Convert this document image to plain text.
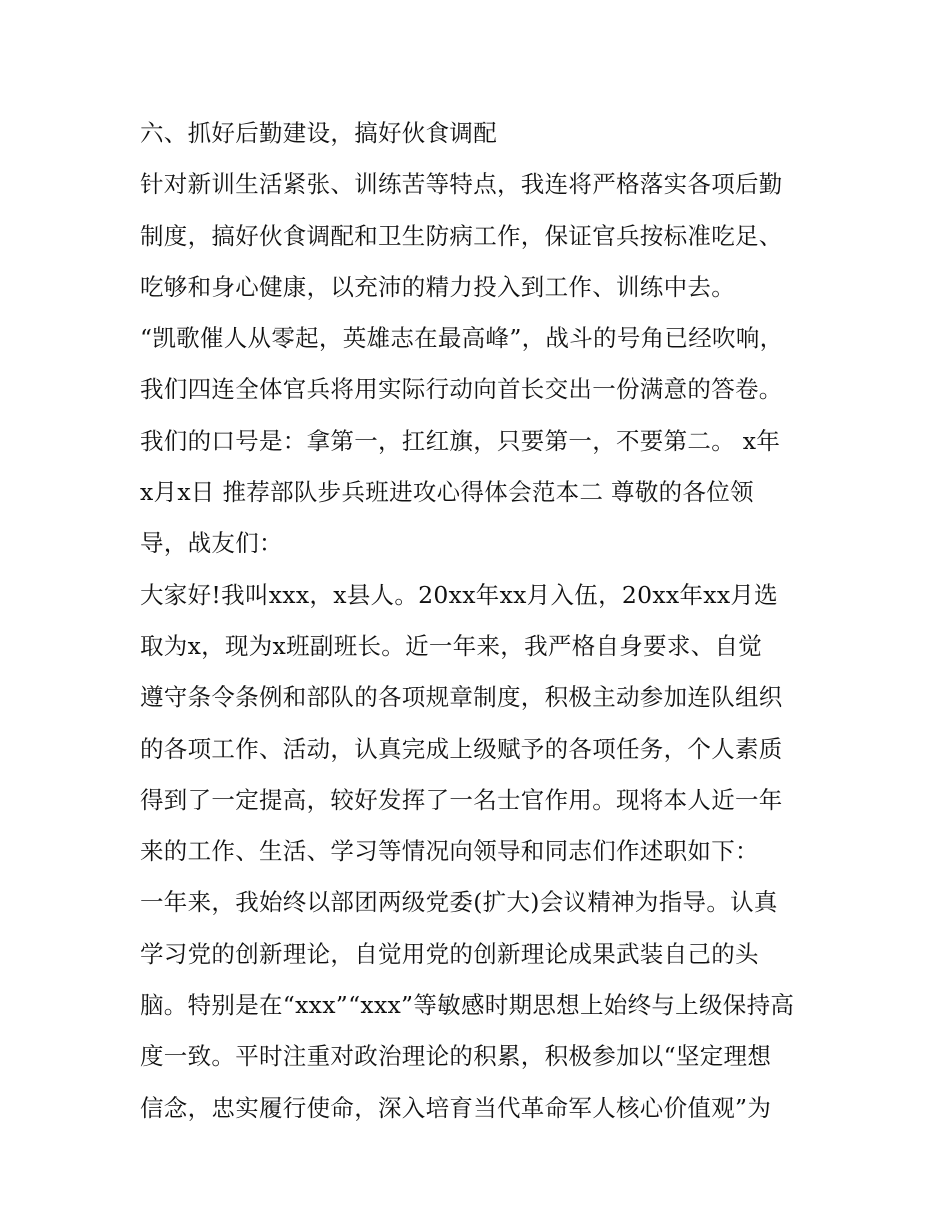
六、抓好后勤建设，搞好伙食调配
针对新训生活紧张、训练苦等特点，我连将严格落实各项后勤
制度，搞好伙食调配和卫生防病工作，保证官兵按标准吃足、
吃够和身心健康，以充沛的精力投入到工作、训练中去。
“凯歌催人从零起，英雄志在最高峰”，战斗的号角已经吹响，
我们四连全体官兵将用实际行动向首长交出一份满意的答卷。
我们的口号是：拿第一，扛红旗，只要第一，不要第二。 x年
x月x日 推荐部队步兵班进攻心得体会范本二 尊敬的各位领
导，战友们：
大家好!我叫xxx，x县人。20xx年xx月入伍，20xx年xx月选
取为x，现为x班副班长。近一年来，我严格自身要求、自觉
遵守条令条例和部队的各项规章制度，积极主动参加连队组织
的各项工作、活动，认真完成上级赋予的各项任务，个人素质
得到了一定提高，较好发挥了一名士官作用。现将本人近一年
来的工作、生活、学习等情况向领导和同志们作述职如下：
一年来，我始终以部团两级党委(扩大)会议精神为指导。认真
学习党的创新理论，自觉用党的创新理论成果武装自己的头
脑。特别是在“xxx”“xxx”等敏感时期思想上始终与上级保持高
度一致。平时注重对政治理论的积累，积极参加以“坚定理想
信念，忠实履行使命，深入培育当代革命军人核心价值观”为
